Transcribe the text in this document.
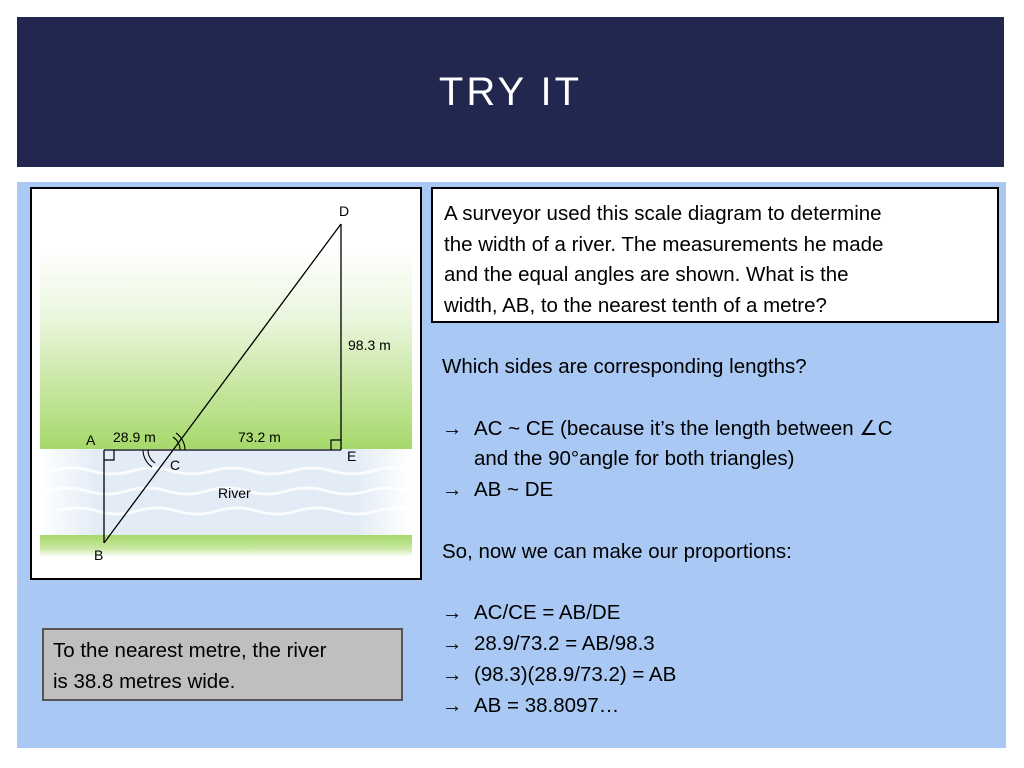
TRY IT
D
A
C
E
B
28.9 m	73.2 m
98.3 m
River
A surveyor used this scale diagram to determine
the width of a river. The measurements he made
and the equal angles are shown. What is the
width, AB, to the nearest tenth of a metre?
Which sides are corresponding lengths?
→ AC ~ CE (because it’s the length between ∠C
and the 90°angle for both triangles)
→ AB ~ DE
So, now we can make our proportions:
→ AC/CE = AB/DE
→ 28.9/73.2 = AB/98.3
→ (98.3)(28.9/73.2) = AB
→ AB = 38.8097…
To the nearest metre, the river
is 38.8 metres wide.
